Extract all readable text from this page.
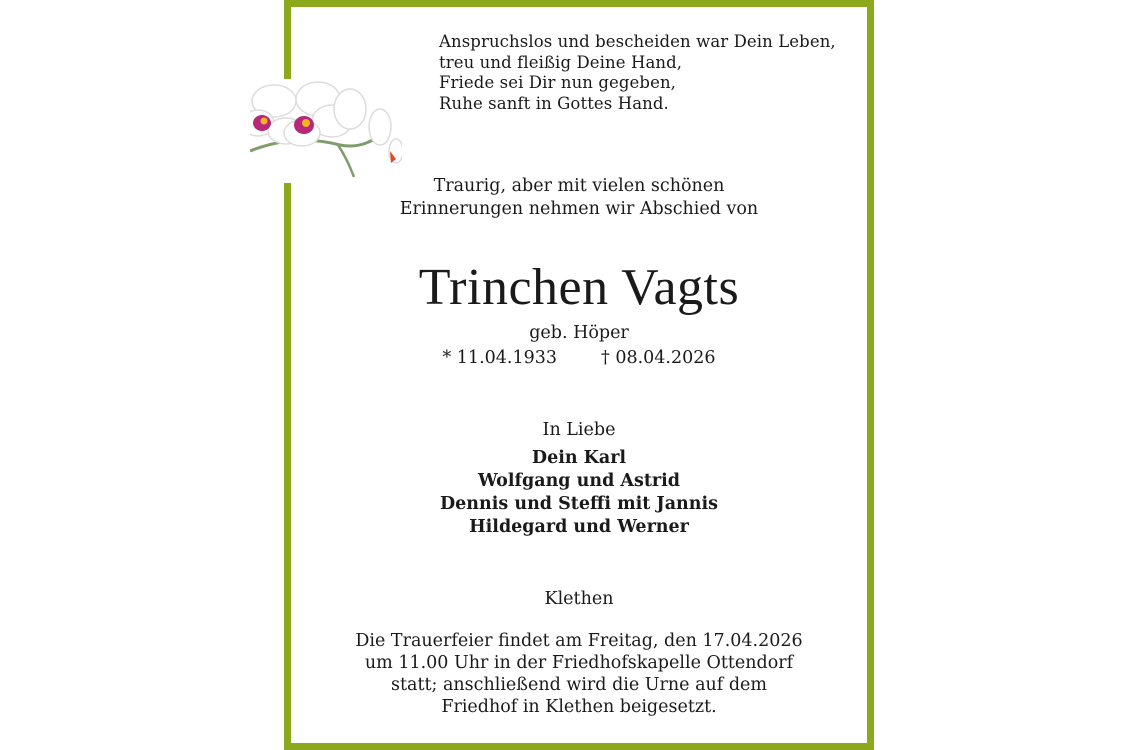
Anspruchslos und bescheiden war Dein Leben,
treu und fleißig Deine Hand,
Friede sei Dir nun gegeben,
Ruhe sanft in Gottes Hand.
Traurig, aber mit vielen schönen
Erinnerungen nehmen wir Abschied von
Trinchen Vagts
geb. Höper
* 11.04.1933	† 08.04.2026
In Liebe
Dein Karl
Wolfgang und Astrid
Dennis und Steffi mit Jannis
Hildegard und Werner
Klethen
Die Trauerfeier findet am Freitag, den 17.04.2026
um 11.00 Uhr in der Friedhofskapelle Ottendorf
statt; anschließend wird die Urne auf dem
Friedhof in Klethen beigesetzt.
